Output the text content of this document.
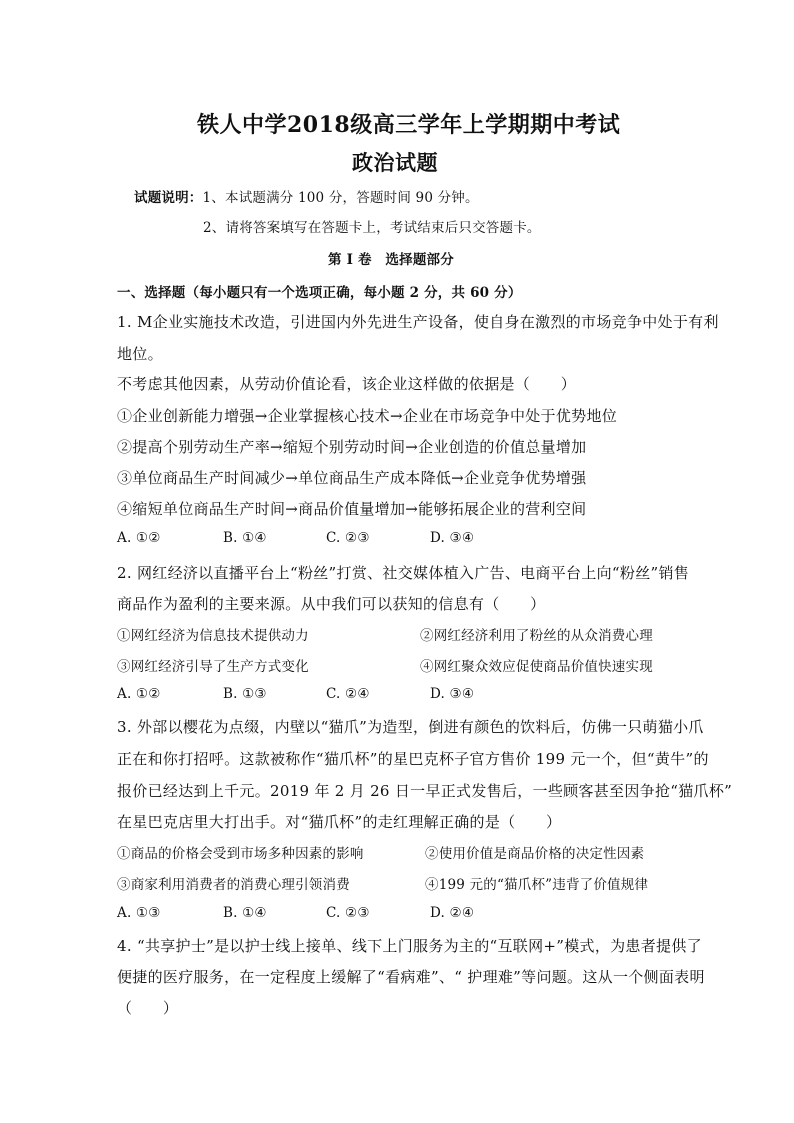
铁人中学2018级高三学年上学期期中考试
政治试题
试题说明：1、本试题满分 100 分，答题时间 90 分钟。
2、请将答案填写在答题卡上，考试结束后只交答题卡。
第 Ⅰ 卷　选择题部分
一、选择题（每小题只有一个选项正确，每小题 2 分，共 60 分）
1. M企业实施技术改造，引进国内外先进生产设备，使自身在激烈的市场竞争中处于有利
地位。
不考虑其他因素，从劳动价值论看，该企业这样做的依据是（　　）
①企业创新能力增强→企业掌握核心技术→企业在市场竞争中处于优势地位
②提高个别劳动生产率→缩短个别劳动时间→企业创造的价值总量增加
③单位商品生产时间减少→单位商品生产成本降低→企业竞争优势增强
④缩短单位商品生产时间→商品价值量增加→能够拓展企业的营利空间
A. ①②	B. ①④	C. ②③	D. ③④
2. 网红经济以直播平台上“粉丝”打赏、社交媒体植入广告、电商平台上向“粉丝”销售
商品作为盈利的主要来源。从中我们可以获知的信息有（　　）
①网红经济为信息技术提供动力	②网红经济利用了粉丝的从众消费心理
③网红经济引导了生产方式变化	④网红聚众效应促使商品价值快速实现
A. ①②	B. ①③	C. ②④	D. ③④
3. 外部以樱花为点缀，内壁以“猫爪”为造型，倒进有颜色的饮料后，仿佛一只萌猫小爪
正在和你打招呼。这款被称作“猫爪杯”的星巴克杯子官方售价 199 元一个，但“黄牛”的
报价已经达到上千元。2019 年 2 月 26 日一早正式发售后，一些顾客甚至因争抢“猫爪杯”
在星巴克店里大打出手。对“猫爪杯”的走红理解正确的是（　　）
①商品的价格会受到市场多种因素的影响	②使用价值是商品价格的决定性因素
③商家利用消费者的消费心理引领消费	④199 元的“猫爪杯”违背了价值规律
A. ①③	B. ①④	C. ②③	D. ②④
4. “共享护士”是以护士线上接单、线下上门服务为主的“互联网+”模式，为患者提供了
便捷的医疗服务，在一定程度上缓解了“看病难”、“ 护理难”等问题。这从一个侧面表明
（　　）
